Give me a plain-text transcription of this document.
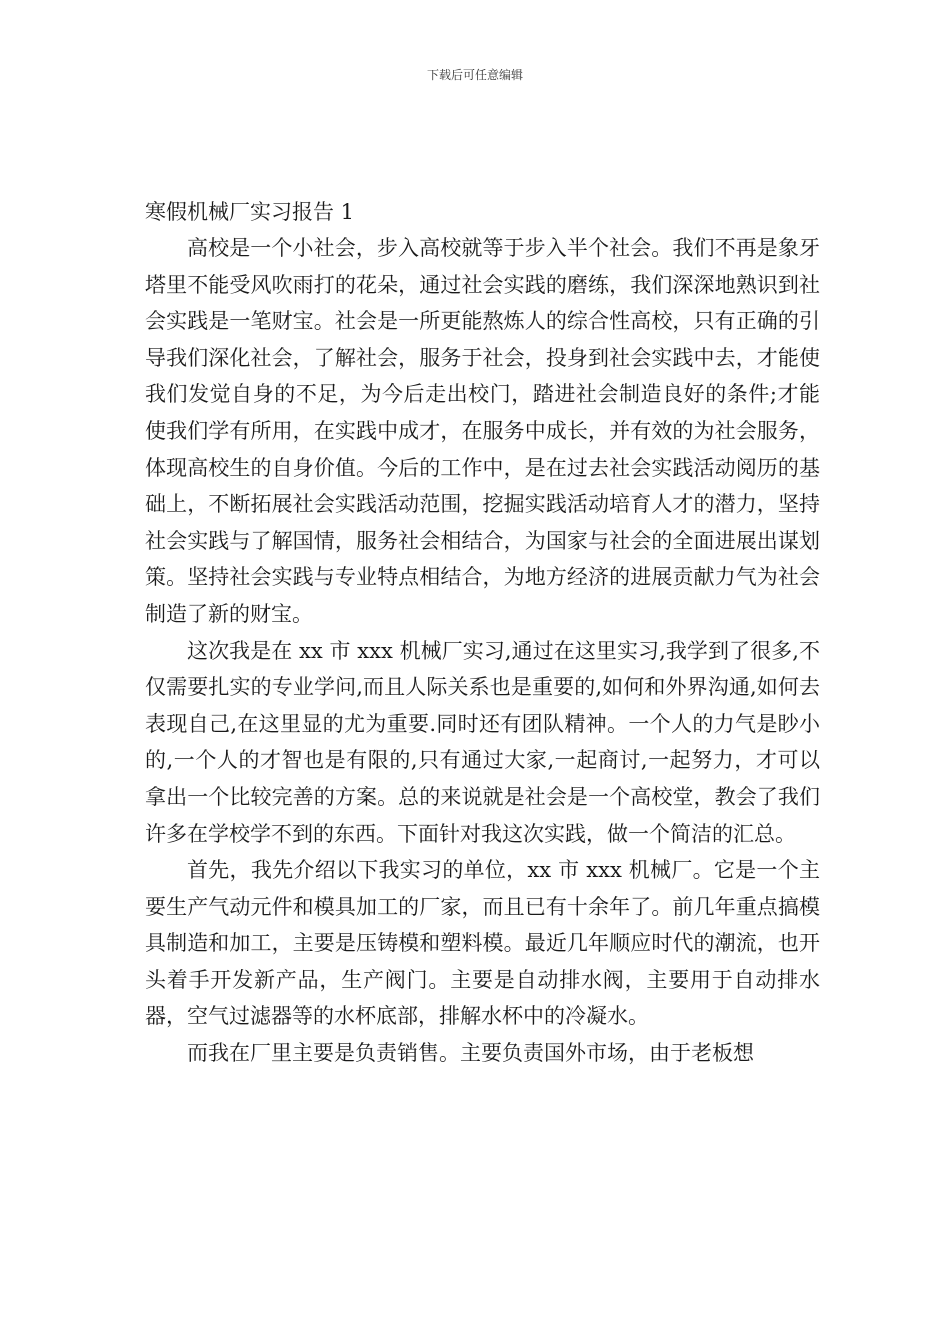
下载后可任意编辑
寒假机械厂实习报告 1

高校是一个小社会，步入高校就等于步入半个社会。我们不再是象牙塔里不能受风吹雨打的花朵，通过社会实践的磨练，我们深深地熟识到社会实践是一笔财宝。社会是一所更能熬炼人的综合性高校，只有正确的引导我们深化社会，了解社会，服务于社会，投身到社会实践中去，才能使我们发觉自身的不足，为今后走出校门，踏进社会制造良好的条件;才能使我们学有所用，在实践中成才，在服务中成长，并有效的为社会服务，体现高校生的自身价值。今后的工作中，是在过去社会实践活动阅历的基础上，不断拓展社会实践活动范围，挖掘实践活动培育人才的潜力，坚持社会实践与了解国情，服务社会相结合，为国家与社会的全面进展出谋划策。坚持社会实践与专业特点相结合，为地方经济的进展贡献力气为社会制造了新的财宝。

这次我是在 xx 市 xxx 机械厂实习,通过在这里实习,我学到了很多,不仅需要扎实的专业学问,而且人际关系也是重要的,如何和外界沟通,如何去表现自己,在这里显的尤为重要.同时还有团队精神。一个人的力气是眇小的,一个人的才智也是有限的,只有通过大家,一起商讨,一起努力，才可以拿出一个比较完善的方案。总的来说就是社会是一个高校堂，教会了我们许多在学校学不到的东西。下面针对我这次实践，做一个简洁的汇总。

首先，我先介绍以下我实习的单位，xx 市 xxx 机械厂。它是一个主要生产气动元件和模具加工的厂家，而且已有十余年了。前几年重点搞模具制造和加工，主要是压铸模和塑料模。最近几年顺应时代的潮流，也开头着手开发新产品，生产阀门。主要是自动排水阀，主要用于自动排水器，空气过滤器等的水杯底部，排解水杯中的冷凝水。

而我在厂里主要是负责销售。主要负责国外市场，由于老板想
